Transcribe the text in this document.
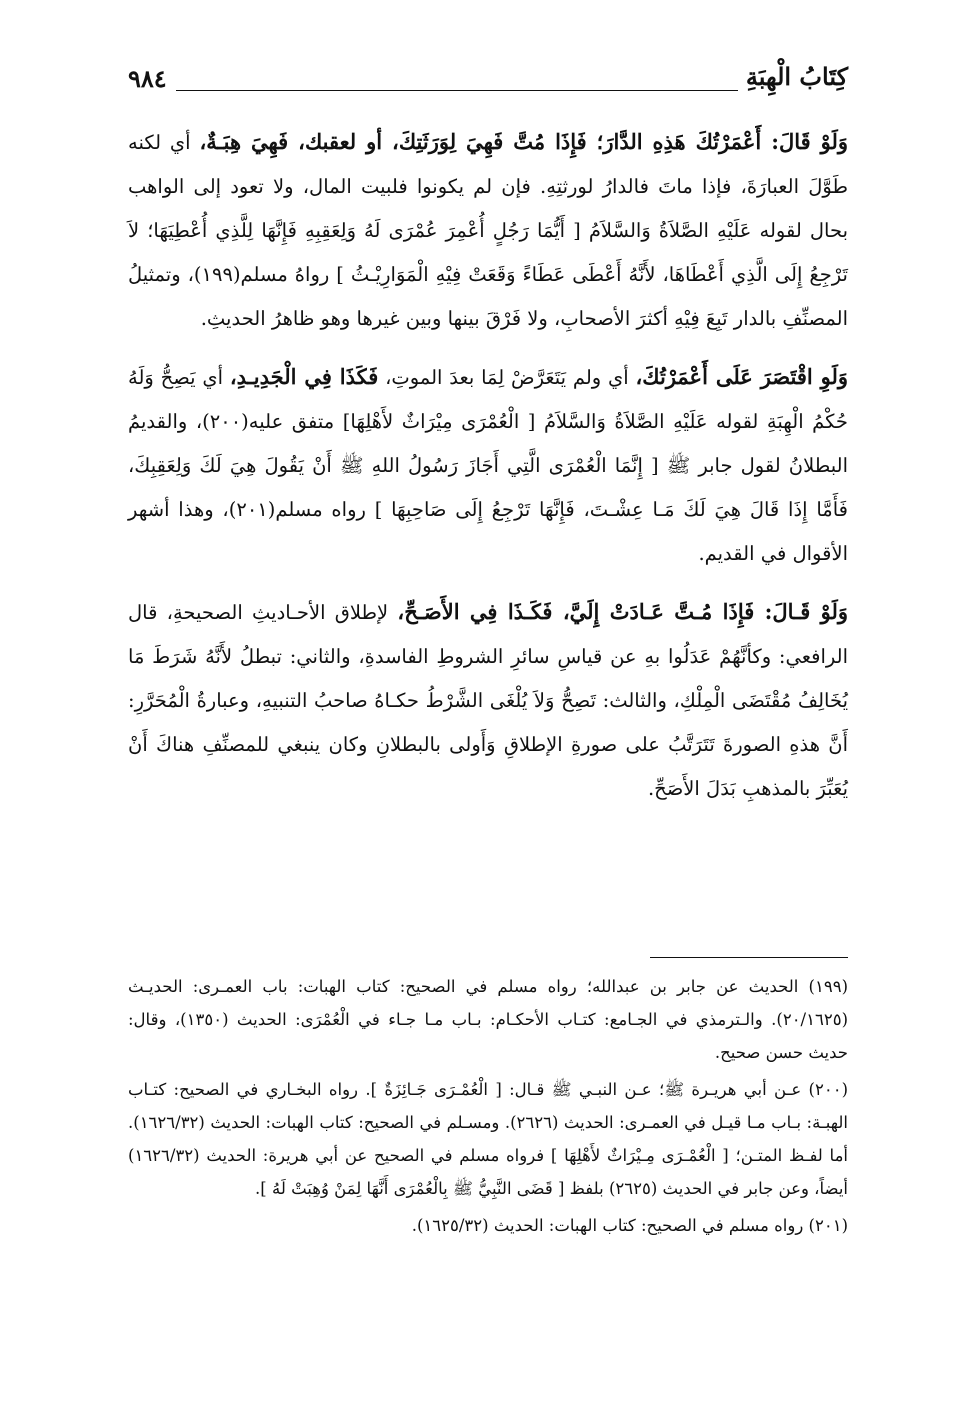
كِتَابُ الْهِبَةِ
٩٨٤

وَلَوْ قَالَ: أَعْمَرْتُكَ هَذِهِ الدَّارَ؛ فَإِذَا مُتَّ فَهِيَ لِوَرَثَتِكَ، أو لعقبك، فَهِيَ هِبَـةٌ، أي لكنه طَوَّلَ العبارَةَ، فإذا ماتَ فالدارُ لورثتِهِ. فإن لم يكونوا فلبيت المال، ولا تعود إلى الواهب بحال لقوله عَلَيْهِ الصَّلاَةُ وَالسَّلاَمُ [ أَيُّمَا رَجُلٍ أُعْمِرَ عُمْرَى لَهُ وَلِعَقِبِهِ فَإِنَّهَا لِلَّذِي أُعْطِيَهَا؛ لاَ تَرْجِعُ إِلَى الَّذِي أَعْطَاهَا، لأَنَّهُ أَعْطَى عَطَاءً وَقَعَتْ فِيْهِ الْمَوَارِيْـثُ ] رواهُ مسلم(١٩٩)، وتمثيلُ المصنِّفِ بالدار تَبِعَ فِيْهِ أكثرَ الأصحابِ، ولا فَرْقَ بينها وبين غيرها وهو ظاهرُ الحديثِ.

وَلَوِ اقْتَصَرَ عَلَى أَعْمَرْتُكَ، أي ولم يَتَعَرَّضْ لِمَا بعدَ الموتِ، فَكَذَا فِي الْجَدِيـدِ، أي يَصِحُّ وَلَهُ حُكْمُ الْهِبَةِ لقوله عَلَيْهِ الصَّلاَةُ وَالسَّلاَمُ [ الْعُمْرَى مِيْرَاثٌ لأَهْلِهَا] متفق عليه(٢٠٠)، والقديمُ البطلانُ لقول جابر ﷺ [ إِنَّمَا الْعُمْرَى الَّتِي أَجَازَ رَسُولُ اللهِ ﷺ أَنْ يَقُولَ هِيَ لَكَ وَلِعَقِبِكَ، فَأَمَّا إِذَا قَالَ هِيَ لَكَ مَـا عِشْـتَ، فَإِنَّهَا تَرْجِعُ إِلَى صَاحِبِهَا ] رواه مسلم(٢٠١)، وهذا أشهر الأقوال في القديم.

وَلَوْ قَـالَ: فَإِذَا مُـتَّ عَـادَتْ إِلَيَّ، فَكَـذَا فِي الأَصَـحِّ، لإطلاق الأحـاديثِ الصحيحةِ، قال الرافعي: وكأنَّهُمْ عَدَلُوا بهِ عن قياسِ سائرِ الشروطِ الفاسدةِ، والثاني: تبطلُ لأَنَّهُ شَرَطَ مَا يُخَالِفُ مُقْتَضَى الْمِلْكِ، والثالث: تَصِحُّ وَلاَ يُلْغَى الشَّرْطُ حكـاهُ صاحبُ التنبيهِ، وعبارةُ الْمُحَرَّرِ: أَنَّ هذهِ الصورةَ تَتَرَتَّبُ على صورةِ الإطلاقِ وَأَولى بالبطلانِ وكان ينبغي للمصنِّفِ هناكَ أَنْ يُعَبِّرَ بالمذهبِ بَدَلَ الأَصَحِّ.

(١٩٩) الحديث عن جابر بن عبدالله؛ رواه مسلم في الصحيح: كتاب الهبات: باب العمـرى: الحديـث (٢٠/١٦٢٥). والـترمذي في الجـامع: كتـاب الأحكـام: بـاب مـا جـاء في الْعُمْرَى: الحديث (١٣٥٠)، وقال: حديث حسن صحيح.

(٢٠٠) عـن أبي هريـرة ﷺ؛ عـن النبـي ﷺ قـال: [ الْعُمْـرَى جَـائِزَةٌ ]. رواه البخـاري في الصحيح: كتـاب الهبـة: بـاب مـا قيـل في العمـرى: الحديث (٢٦٢٦). ومسـلم في الصحيح: كتاب الهبات: الحديث (١٦٢٦/٣٢). أما لفـظ المتـن؛ [ الْعُمْـرَى مِـيْرَاثٌ لأَهْلِهَا ] فرواه مسلم في الصحيح عن أبي هريرة: الحديث (١٦٢٦/٣٢) أيضاً، وعن جابر في الحديث (٢٦٢٥) بلفظ [ قَضَى النَّبِيُّ ﷺ بِالْعُمْرَى أَنَّهَا لِمَنْ وُهِبَتْ لَهُ ].

(٢٠١) رواه مسلم في الصحيح: كتاب الهبات: الحديث (١٦٢٥/٣٢).
